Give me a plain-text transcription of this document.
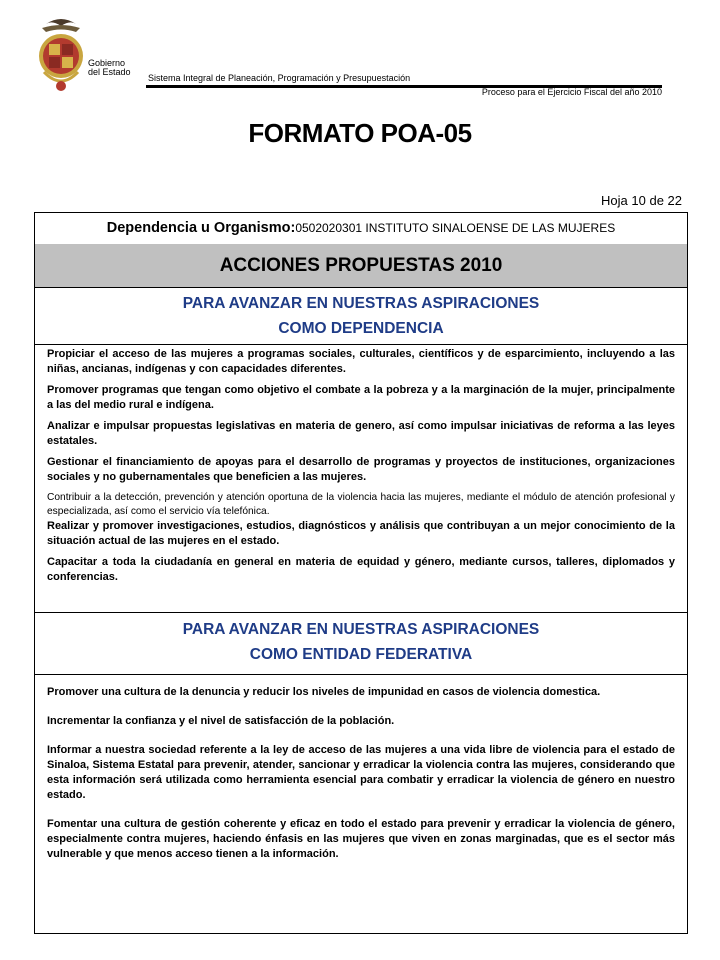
Gobierno
del Estado
Sistema Integral de Planeación, Programación y Presupuestación
Proceso para el Ejercicio Fiscal del año 2010
FORMATO POA-05
Hoja 10 de 22
Dependencia u Organismo:0502020301 INSTITUTO SINALOENSE DE LAS MUJERES
ACCIONES PROPUESTAS 2010
PARA AVANZAR EN NUESTRAS ASPIRACIONES
COMO DEPENDENCIA
Propiciar el acceso de las mujeres a programas sociales, culturales, científicos y de esparcimiento, incluyendo a las niñas, ancianas, indígenas y con capacidades diferentes.
Promover programas que tengan como objetivo el combate a la pobreza y a la marginación de la mujer, principalmente a las del medio rural e indígena.
Analizar e impulsar propuestas legislativas en materia de genero, así como impulsar iniciativas de reforma a las leyes estatales.
Gestionar el financiamiento de apoyas para el desarrollo de programas y proyectos de instituciones, organizaciones sociales y no gubernamentales que beneficien a las mujeres.
Contribuir a la detección, prevención y atención oportuna de la violencia hacia las mujeres, mediante el módulo de atención profesional y especializada, así como el servicio vía telefónica.
Realizar y promover investigaciones, estudios, diagnósticos y análisis que contribuyan a un mejor conocimiento de la situación actual de las mujeres en el estado.
Capacitar a toda la ciudadanía en general en materia de equidad y género, mediante cursos, talleres, diplomados y conferencias.
PARA AVANZAR EN NUESTRAS ASPIRACIONES
COMO ENTIDAD FEDERATIVA
Promover una cultura de la denuncia y reducir los niveles de impunidad en casos de violencia domestica.
Incrementar la confianza y el nivel de satisfacción de la población.
Informar a nuestra sociedad referente a la ley de acceso de las mujeres a una vida libre de violencia para el estado de Sinaloa, Sistema Estatal para prevenir, atender, sancionar y erradicar la violencia contra las mujeres, considerando que esta información será utilizada como herramienta esencial para combatir y erradicar la violencia de género en nuestro estado.
Fomentar una cultura de gestión coherente y eficaz en todo el estado para prevenir y erradicar la violencia de género, especialmente contra mujeres, haciendo énfasis en las mujeres que viven en zonas marginadas, que es el sector más vulnerable y que menos acceso tienen a la información.
